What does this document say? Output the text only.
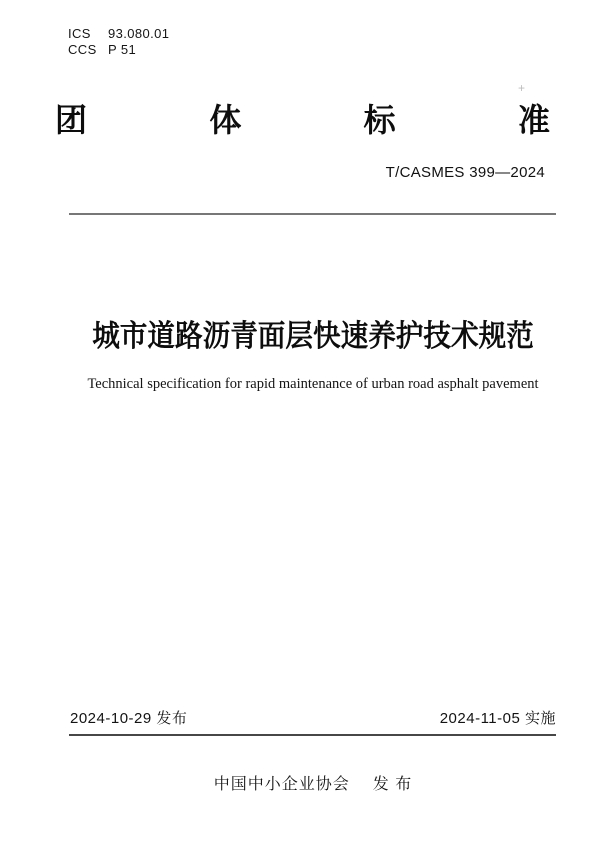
ICS	93.080.01
CCS P 51
+
团	体	标	准
T/CASMES 399—2024
城市道路沥青面层快速养护技术规范
Technical specification for rapid maintenance of urban road asphalt pavement
2024-10-29 发布	2024-11-05 实施
中国中小企业协会 发 布
